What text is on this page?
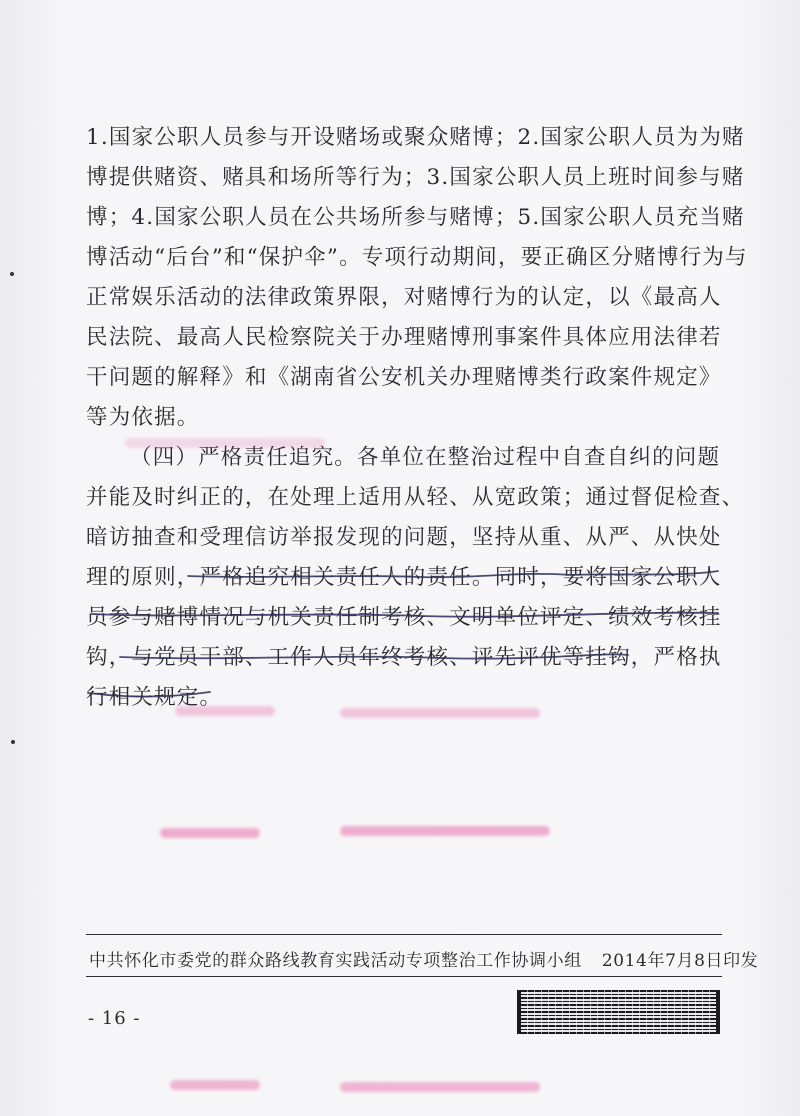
1.国家公职人员参与开设赌场或聚众赌博；2.国家公职人员为为赌
博提供赌资、赌具和场所等行为；3.国家公职人员上班时间参与赌
博；4.国家公职人员在公共场所参与赌博；5.国家公职人员充当赌
博活动“后台”和“保护伞”。专项行动期间，要正确区分赌博行为与
正常娱乐活动的法律政策界限，对赌博行为的认定，以《最高人
民法院、最高人民检察院关于办理赌博刑事案件具体应用法律若
干问题的解释》和《湖南省公安机关办理赌博类行政案件规定》
等为依据。

（四）严格责任追究。各单位在整治过程中自查自纠的问题
并能及时纠正的，在处理上适用从轻、从宽政策；通过督促检查、
暗访抽查和受理信访举报发现的问题，坚持从重、从严、从快处
理的原则，严格追究相关责任人的责任。同时，要将国家公职人
员参与赌博情况与机关责任制考核、文明单位评定、绩效考核挂
钩，与党员干部、工作人员年终考核、评先评优等挂钩，严格执
行相关规定。

中共怀化市委党的群众路线教育实践活动专项整治工作协调小组 2014年7月8日印发
- 16 -
